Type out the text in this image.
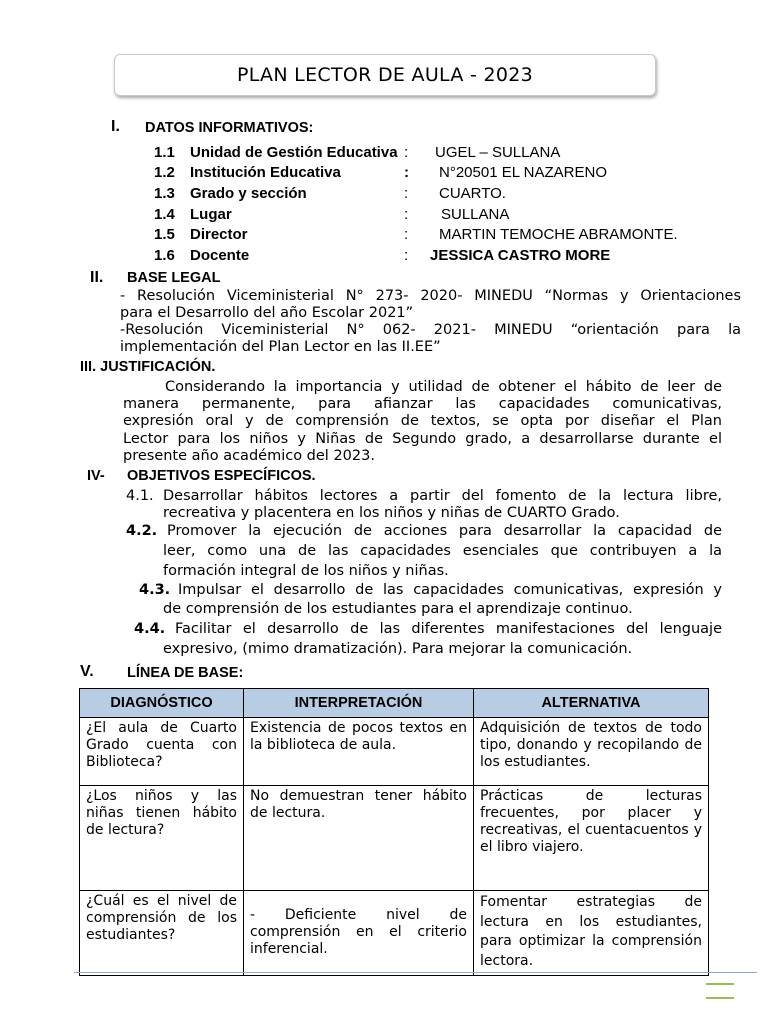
PLAN LECTOR DE AULA - 2023
I. DATOS INFORMATIVOS:
1.1 Unidad de Gestión Educativa : UGEL – SULLANA
1.2 Institución Educativa	: N°20501 EL NAZARENO
1.3 Grado y sección	: CUARTO.
1.4 Lugar	: SULLANA
1.5 Director	: MARTIN TEMOCHE ABRAMONTE.
1.6 Docente	: JESSICA CASTRO MORE
II. BASE LEGAL
- Resolución Viceministerial N° 273- 2020- MINEDU “Normas y Orientaciones
para el Desarrollo del año Escolar 2021”
-Resolución Viceministerial N° 062- 2021- MINEDU “orientación para la
implementación del Plan Lector en las II.EE”
III. JUSTIFICACIÓN.
Considerando la importancia y utilidad de obtener el hábito de leer de
manera permanente, para afianzar las capacidades comunicativas,
expresión oral y de comprensión de textos, se opta por diseñar el Plan
Lector para los niños y Niñas de Segundo grado, a desarrollarse durante el
presente año académico del 2023.
IV- OBJETIVOS ESPECÍFICOS.
4.1. Desarrollar hábitos lectores a partir del fomento de la lectura libre,
recreativa y placentera en los niños y niñas de CUARTO Grado.
4.2. Promover la ejecución de acciones para desarrollar la capacidad de
leer, como una de las capacidades esenciales que contribuyen a la
formación integral de los niños y niñas.
4.3. Impulsar el desarrollo de las capacidades comunicativas, expresión y
de comprensión de los estudiantes para el aprendizaje continuo.
4.4. Facilitar el desarrollo de las diferentes manifestaciones del lenguaje
expresivo, (mimo dramatización). Para mejorar la comunicación.
V. LÍNEA DE BASE:
DIAGNÓSTICO	INTERPRETACIÓN	ALTERNATIVA
¿El aula de Cuarto Grado cuenta con Biblioteca?	Existencia de pocos textos en la biblioteca de aula.	Adquisición de textos de todo tipo, donando y recopilando de los estudiantes.
¿Los niños y las niñas tienen hábito de lectura?	No demuestran tener hábito de lectura.	Prácticas de lecturas frecuentes, por placer y recreativas, el cuentacuentos y el libro viajero.
¿Cuál es el nivel de comprensión de los estudiantes?	- Deficiente nivel de comprensión en el criterio inferencial.	Fomentar estrategias de lectura en los estudiantes, para optimizar la comprensión lectora.
